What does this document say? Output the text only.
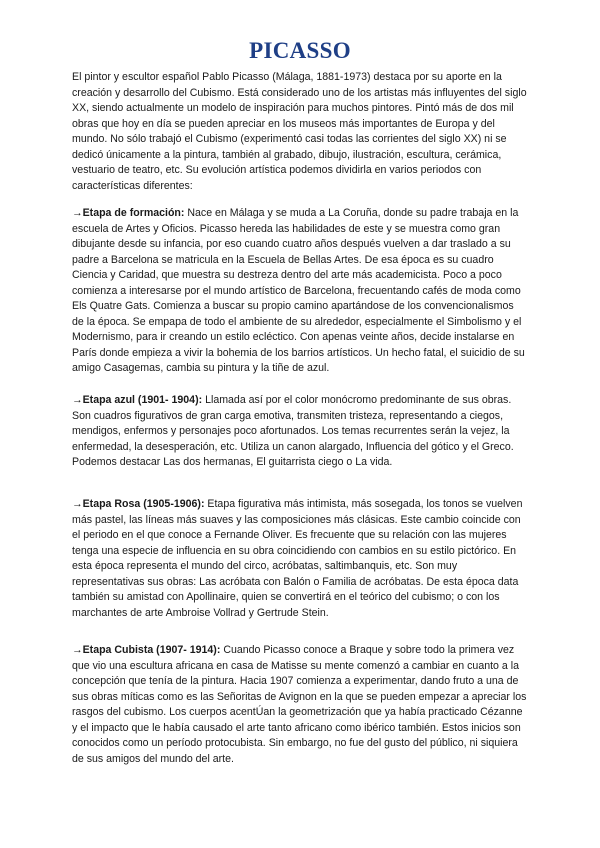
PICASSO

El pintor y escultor español Pablo Picasso (Málaga, 1881-1973) destaca por su aporte en la creación y desarrollo del Cubismo. Está considerado uno de los artistas más influyentes del siglo XX, siendo actualmente un modelo de inspiración para muchos pintores. Pintó más de dos mil obras que hoy en día se pueden apreciar en los museos más importantes de Europa y del mundo. No sólo trabajó el Cubismo (experimentó casi todas las corrientes del siglo XX) ni se dedicó únicamente a la pintura, también al grabado, dibujo, ilustración, escultura, cerámica, vestuario de teatro, etc. Su evolución artística podemos dividirla en varios periodos con características diferentes:

→Etapa de formación: Nace en Málaga y se muda a La Coruña, donde su padre trabaja en la escuela de Artes y Oficios. Picasso hereda las habilidades de este y se muestra como gran dibujante desde su infancia, por eso cuando cuatro años después vuelven a dar traslado a su padre a Barcelona se matricula en la Escuela de Bellas Artes. De esa época es su cuadro Ciencia y Caridad, que muestra su destreza dentro del arte más academicista. Poco a poco comienza a interesarse por el mundo artístico de Barcelona, frecuentando cafés de moda como Els Quatre Gats. Comienza a buscar su propio camino apartándose de los convencionalismos de la época. Se empapa de todo el ambiente de su alrededor, especialmente el Simbolismo y el Modernismo, para ir creando un estilo ecléctico. Con apenas veinte años, decide instalarse en París donde empieza a vivir la bohemia de los barrios artísticos. Un hecho fatal, el suicidio de su amigo Casagemas, cambia su pintura y la tiñe de azul.

→Etapa azul (1901- 1904): Llamada así por el color monócromo predominante de sus obras. Son cuadros figurativos de gran carga emotiva, transmiten tristeza, representando a ciegos, mendigos, enfermos y personajes poco afortunados. Los temas recurrentes serán la vejez, la enfermedad, la desesperación, etc. Utiliza un canon alargado, Influencia del gótico y el Greco. Podemos destacar Las dos hermanas, El guitarrista ciego o La vida.

→Etapa Rosa (1905-1906): Etapa figurativa más intimista, más sosegada, los tonos se vuelven más pastel, las líneas más suaves y las composiciones más clásicas. Este cambio coincide con el periodo en el que conoce a Fernande Oliver. Es frecuente que su relación con las mujeres tenga una especie de influencia en su obra coincidiendo con cambios en su estilo pictórico. En esta época representa el mundo del circo, acróbatas, saltimbanquis, etc. Son muy representativas sus obras: Las acróbata con Balón o Familia de acróbatas. De esta época data también su amistad con Apollinaire, quien se convertirá en el teórico del cubismo; o con los marchantes de arte Ambroise Vollrad y Gertrude Stein.

→Etapa Cubista (1907- 1914): Cuando Picasso conoce a Braque y sobre todo la primera vez que vio una escultura africana en casa de Matisse su mente comenzó a cambiar en cuanto a la concepción que tenía de la pintura. Hacia 1907 comienza a experimentar, dando fruto a una de sus obras míticas como es las Señoritas de Avignon en la que se pueden empezar a apreciar los rasgos del cubismo. Los cuerpos acentÚan la geometrización que ya había practicado Cézanne y el impacto que le había causado el arte tanto africano como ibérico también. Estos inicios son conocidos como un período protocubista. Sin embargo, no fue del gusto del público, ni siquiera de sus amigos del mundo del arte.
